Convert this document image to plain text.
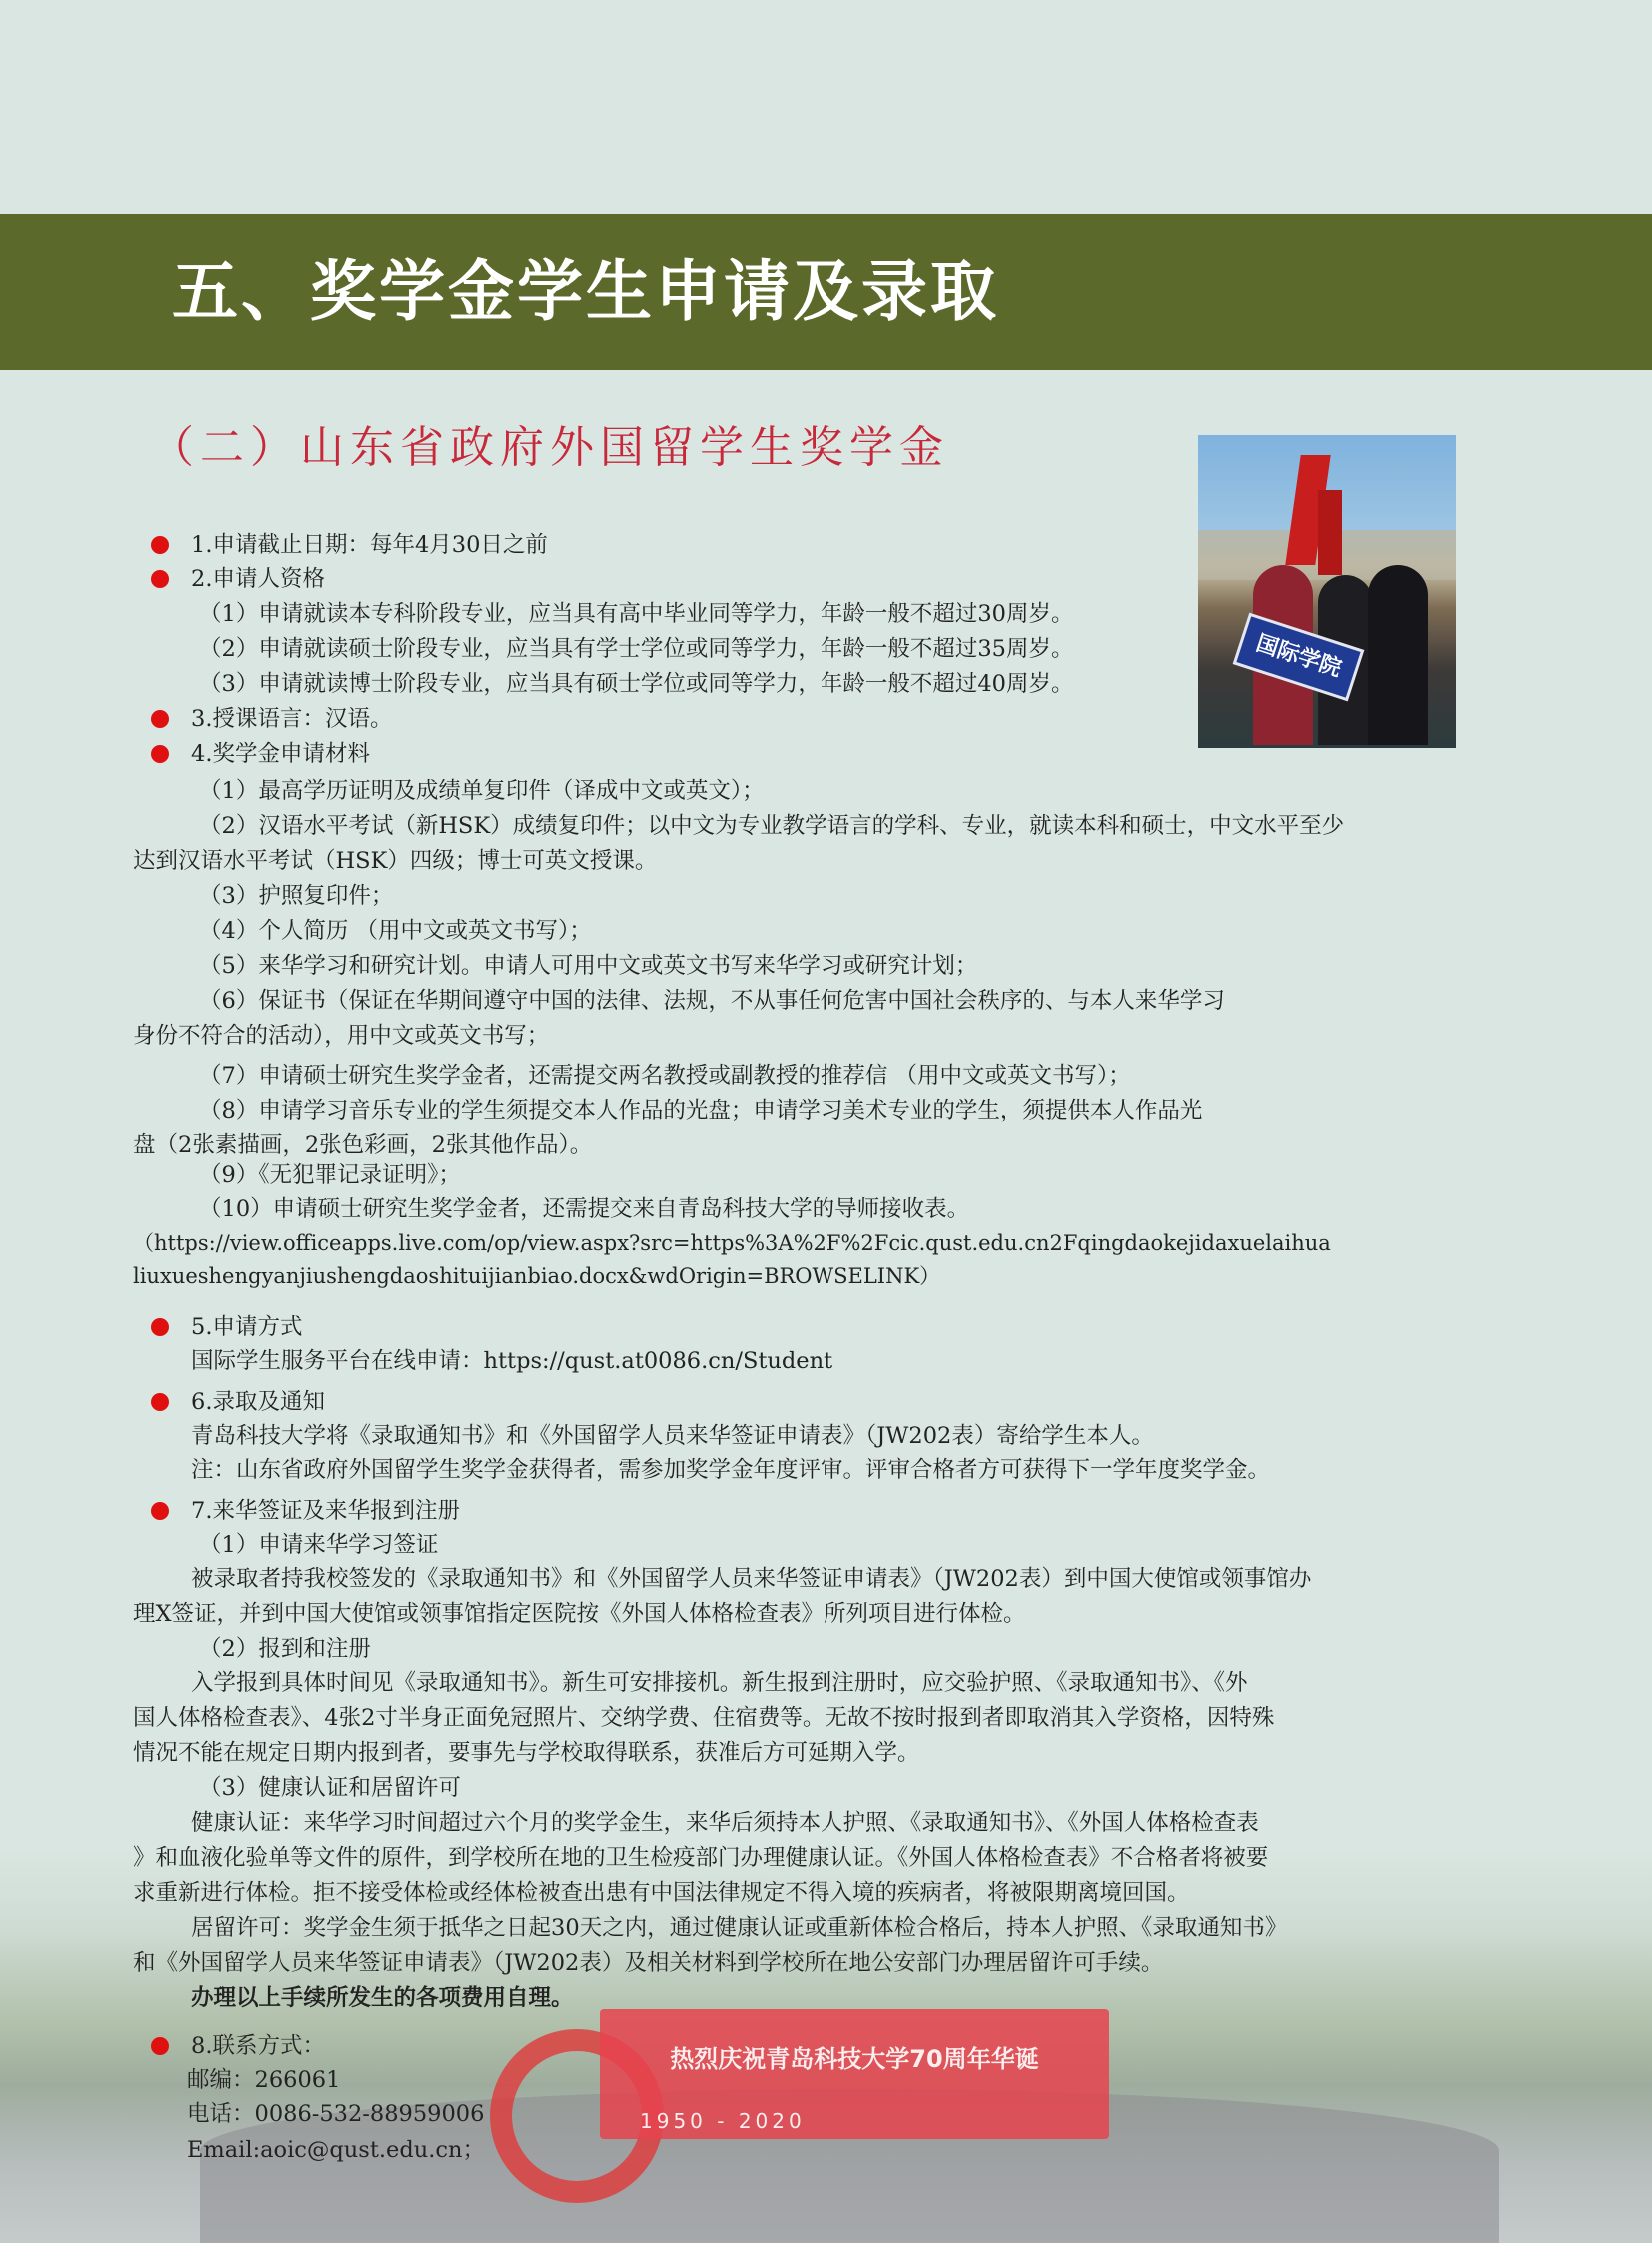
五、奖学金学生申请及录取
（二）山东省政府外国留学生奖学金
国际学院
热烈庆祝青岛科技大学70周年华诞
1950 - 2020
1.申请截止日期：每年4月30日之前
2.申请人资格
（1）申请就读本专科阶段专业，应当具有高中毕业同等学力，年龄一般不超过30周岁。
（2）申请就读硕士阶段专业，应当具有学士学位或同等学力，年龄一般不超过35周岁。
（3）申请就读博士阶段专业，应当具有硕士学位或同等学力，年龄一般不超过40周岁。
3.授课语言：汉语。
4.奖学金申请材料
（1）最高学历证明及成绩单复印件（译成中文或英文）；
（2）汉语水平考试（新HSK）成绩复印件；以中文为专业教学语言的学科、专业，就读本科和硕士，中文水平至少
达到汉语水平考试（HSK）四级；博士可英文授课。
（3）护照复印件；
（4）个人简历 （用中文或英文书写）；
（5）来华学习和研究计划。申请人可用中文或英文书写来华学习或研究计划；
（6）保证书（保证在华期间遵守中国的法律、法规，不从事任何危害中国社会秩序的、与本人来华学习
身份不符合的活动），用中文或英文书写；
（7）申请硕士研究生奖学金者，还需提交两名教授或副教授的推荐信 （用中文或英文书写）；
（8）申请学习音乐专业的学生须提交本人作品的光盘；申请学习美术专业的学生，须提供本人作品光
盘（2张素描画，2张色彩画，2张其他作品）。
（9）《无犯罪记录证明》；
（10）申请硕士研究生奖学金者，还需提交来自青岛科技大学的导师接收表。
（https://view.officeapps.live.com/op/view.aspx?src=https%3A%2F%2Fcic.qust.edu.cn2Fqingdaokejidaxuelaihua
liuxueshengyanjiushengdaoshituijianbiao.docx&wdOrigin=BROWSELINK）
5.申请方式
国际学生服务平台在线申请：https://qust.at0086.cn/Student
6.录取及通知
青岛科技大学将《录取通知书》和《外国留学人员来华签证申请表》（JW202表）寄给学生本人。
注：山东省政府外国留学生奖学金获得者，需参加奖学金年度评审。评审合格者方可获得下一学年度奖学金。
7.来华签证及来华报到注册
（1）申请来华学习签证
被录取者持我校签发的《录取通知书》和《外国留学人员来华签证申请表》（JW202表）到中国大使馆或领事馆办
理X签证，并到中国大使馆或领事馆指定医院按《外国人体格检查表》所列项目进行体检。
（2）报到和注册
入学报到具体时间见《录取通知书》。新生可安排接机。新生报到注册时，应交验护照、《录取通知书》、《外
国人体格检查表》、4张2寸半身正面免冠照片、交纳学费、住宿费等。无故不按时报到者即取消其入学资格，因特殊
情况不能在规定日期内报到者，要事先与学校取得联系，获准后方可延期入学。
（3）健康认证和居留许可
健康认证：来华学习时间超过六个月的奖学金生，来华后须持本人护照、《录取通知书》、《外国人体格检查表
》和血液化验单等文件的原件，到学校所在地的卫生检疫部门办理健康认证。《外国人体格检查表》不合格者将被要
求重新进行体检。拒不接受体检或经体检被查出患有中国法律规定不得入境的疾病者，将被限期离境回国。
居留许可：奖学金生须于抵华之日起30天之内，通过健康认证或重新体检合格后，持本人护照、《录取通知书》
和《外国留学人员来华签证申请表》（JW202表）及相关材料到学校所在地公安部门办理居留许可手续。
办理以上手续所发生的各项费用自理。
8.联系方式：
邮编：266061
电话：0086-532-88959006
Email:aoic@qust.edu.cn；
